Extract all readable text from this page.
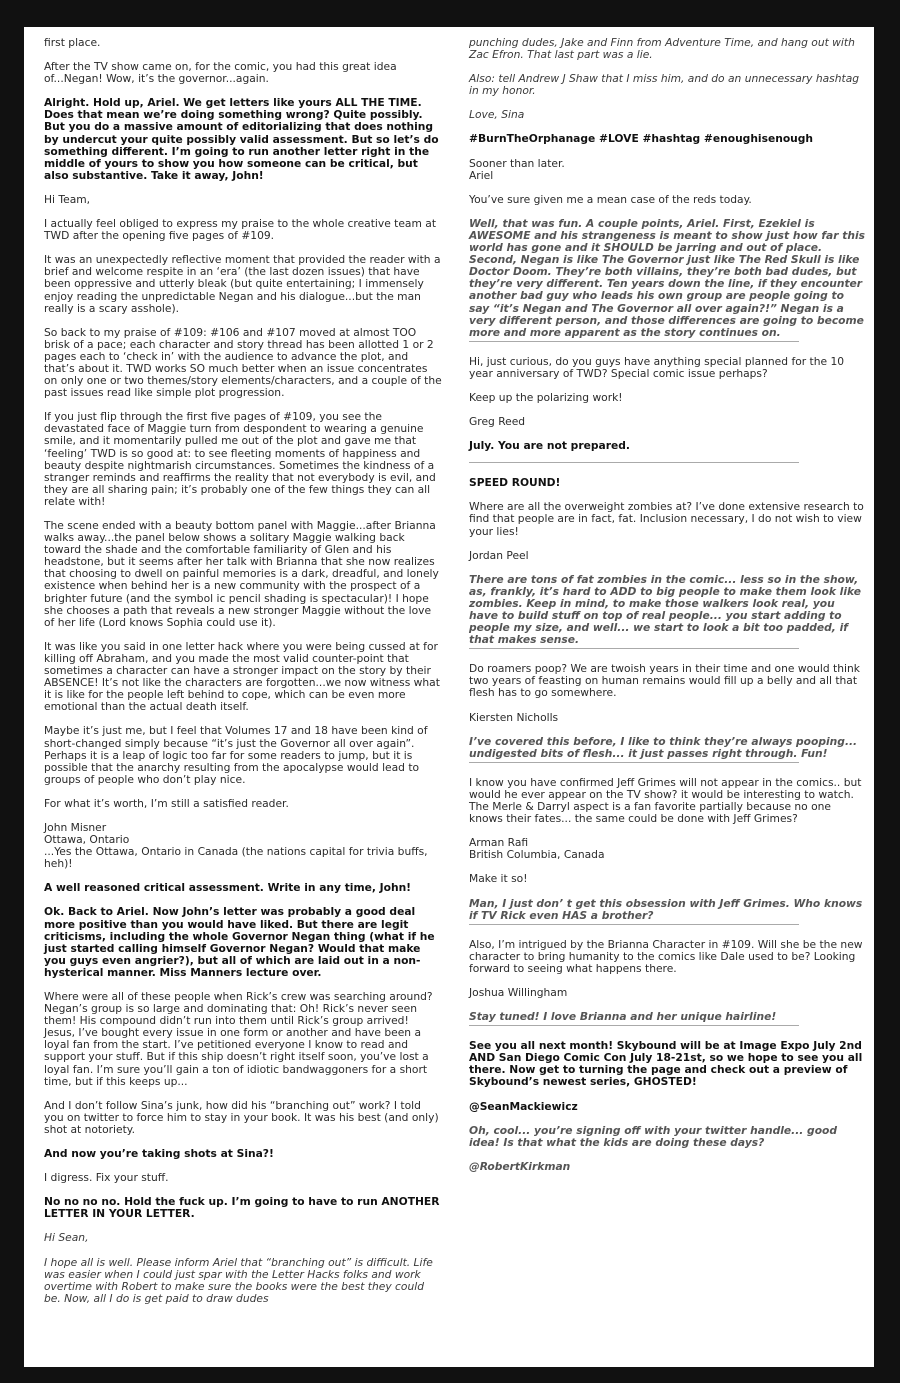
first place.

After the TV show came on, for the comic, you had this great idea of...Negan! Wow, it’s the governor...again.

Alright. Hold up, Ariel. We get letters like yours ALL THE TIME. Does that mean we’re doing something wrong? Quite possibly. But you do a massive amount of editorializing that does nothing by undercut your quite possibly valid assessment. But so let’s do something different. I’m going to run another letter right in the middle of yours to show you how someone can be critical, but also substantive. Take it away, John!

Hi Team,

I actually feel obliged to express my praise to the whole creative team at TWD after the opening five pages of #109.

It was an unexpectedly reflective moment that provided the reader with a brief and welcome respite in an ‘era’ (the last dozen issues) that have been oppressive and utterly bleak (but quite entertaining; I immensely enjoy reading the unpredictable Negan and his dialogue...but the man really is a scary asshole).

So back to my praise of #109: #106 and #107 moved at almost TOO brisk of a pace; each character and story thread has been allotted 1 or 2 pages each to ‘check in’ with the audience to advance the plot, and that’s about it. TWD works SO much better when an issue concentrates on only one or two themes/story elements/characters, and a couple of the past issues read like simple plot progression.

If you just flip through the first five pages of #109, you see the devastated face of Maggie turn from despondent to wearing a genuine smile, and it momentarily pulled me out of the plot and gave me that ‘feeling’ TWD is so good at: to see fleeting moments of happiness and beauty despite nightmarish circumstances. Sometimes the kindness of a stranger reminds and reaffirms the reality that not everybody is evil, and they are all sharing pain; it’s probably one of the few things they can all relate with!

The scene ended with a beauty bottom panel with Maggie...after Brianna walks away...the panel below shows a solitary Maggie walking back toward the shade and the comfortable familiarity of Glen and his headstone, but it seems after her talk with Brianna that she now realizes that choosing to dwell on painful memories is a dark, dreadful, and lonely existence when behind her is a new community with the prospect of a brighter future (and the symbol ic pencil shading is spectacular)! I hope she chooses a path that reveals a new stronger Maggie without the love of her life (Lord knows Sophia could use it).

It was like you said in one letter hack where you were being cussed at for killing off Abraham, and you made the most valid counter-point that sometimes a character can have a stronger impact on the story by their ABSENCE! It’s not like the characters are forgotten...we now witness what it is like for the people left behind to cope, which can be even more emotional than the actual death itself.

Maybe it’s just me, but I feel that Volumes 17 and 18 have been kind of short-changed simply because “it’s just the Governor all over again”. Perhaps it is a leap of logic too far for some readers to jump, but it is possible that the anarchy resulting from the apocalypse would lead to groups of people who don’t play nice.

For what it’s worth, I’m still a satisfied reader.

John Misner

Ottawa, Ontario

...Yes the Ottawa, Ontario in Canada (the nations capital for trivia buffs, heh)!

A well reasoned critical assessment. Write in any time, John!

Ok. Back to Ariel. Now John’s letter was probably a good deal more positive than you would have liked. But there are legit criticisms, including the whole Governor Negan thing (what if he just started calling himself Governor Negan? Would that make you guys even angrier?), but all of which are laid out in a non-hysterical manner. Miss Manners lecture over.

Where were all of these people when Rick’s crew was searching around? Negan’s group is so large and dominating that: Oh! Rick’s never seen them! His compound didn’t run into them until Rick’s group arrived! Jesus, I’ve bought every issue in one form or another and have been a loyal fan from the start. I’ve petitioned everyone I know to read and support your stuff. But if this ship doesn’t right itself soon, you’ve lost a loyal fan. I’m sure you’ll gain a ton of idiotic bandwaggoners for a short time, but if this keeps up...

And I don’t follow Sina’s junk, how did his “branching out” work? I told you on twitter to force him to stay in your book. It was his best (and only) shot at notoriety.

And now you’re taking shots at Sina?!

I digress. Fix your stuff.

No no no no. Hold the fuck up. I’m going to have to run ANOTHER LETTER IN YOUR LETTER.

Hi Sean,

I hope all is well. Please inform Ariel that “branching out” is difficult. Life was easier when I could just spar with the Letter Hacks folks and work overtime with Robert to make sure the books were the best they could be. Now, all I do is get paid to draw dudes

punching dudes, Jake and Finn from Adventure Time, and hang out with Zac Efron. That last part was a lie.

Also: tell Andrew J Shaw that I miss him, and do an unnecessary hashtag in my honor.

Love, Sina

#BurnTheOrphanage #LOVE #hashtag #enoughisenough

Sooner than later.

Ariel

You’ve sure given me a mean case of the reds today.

Well, that was fun. A couple points, Ariel. First, Ezekiel is AWESOME and his strangeness is meant to show just how far this world has gone and it SHOULD be jarring and out of place. Second, Negan is like The Governor just like The Red Skull is like Doctor Doom. They’re both villains, they’re both bad dudes, but they’re very different. Ten years down the line, if they encounter another bad guy who leads his own group are people going to say “it’s Negan and The Governor all over again?!” Negan is a very different person, and those differences are going to become more and more apparent as the story continues on.

Hi, just curious, do you guys have anything special planned for the 10 year anniversary of TWD? Special comic issue perhaps?

Keep up the polarizing work!

Greg Reed

July. You are not prepared.

SPEED ROUND!

Where are all the overweight zombies at? I’ve done extensive research to find that people are in fact, fat. Inclusion necessary, I do not wish to view your lies!

Jordan Peel

There are tons of fat zombies in the comic... less so in the show, as, frankly, it’s hard to ADD to big people to make them look like zombies. Keep in mind, to make those walkers look real, you have to build stuff on top of real people... you start adding to people my size, and well... we start to look a bit too padded, if that makes sense.

Do roamers poop? We are twoish years in their time and one would think two years of feasting on human remains would fill up a belly and all that flesh has to go somewhere.

Kiersten Nicholls

I’ve covered this before, I like to think they’re always pooping... undigested bits of flesh... it just passes right through. Fun!

I know you have confirmed Jeff Grimes will not appear in the comics.. but would he ever appear on the TV show? it would be interesting to watch. The Merle & Darryl aspect is a fan favorite partially because no one knows their fates... the same could be done with Jeff Grimes?

Arman Rafi

British Columbia, Canada

Make it so!

Man, I just don’ t get this obsession with Jeff Grimes. Who knows if TV Rick even HAS a brother?

Also, I’m intrigued by the Brianna Character in #109. Will she be the new character to bring humanity to the comics like Dale used to be? Looking forward to seeing what happens there.

Joshua Willingham

Stay tuned! I love Brianna and her unique hairline!

See you all next month! Skybound will be at Image Expo July 2nd AND San Diego Comic Con July 18-21st, so we hope to see you all there. Now get to turning the page and check out a preview of Skybound’s newest series, GHOSTED!

@SeanMackiewicz

Oh, cool... you’re signing off with your twitter handle... good idea! Is that what the kids are doing these days?

@RobertKirkman
